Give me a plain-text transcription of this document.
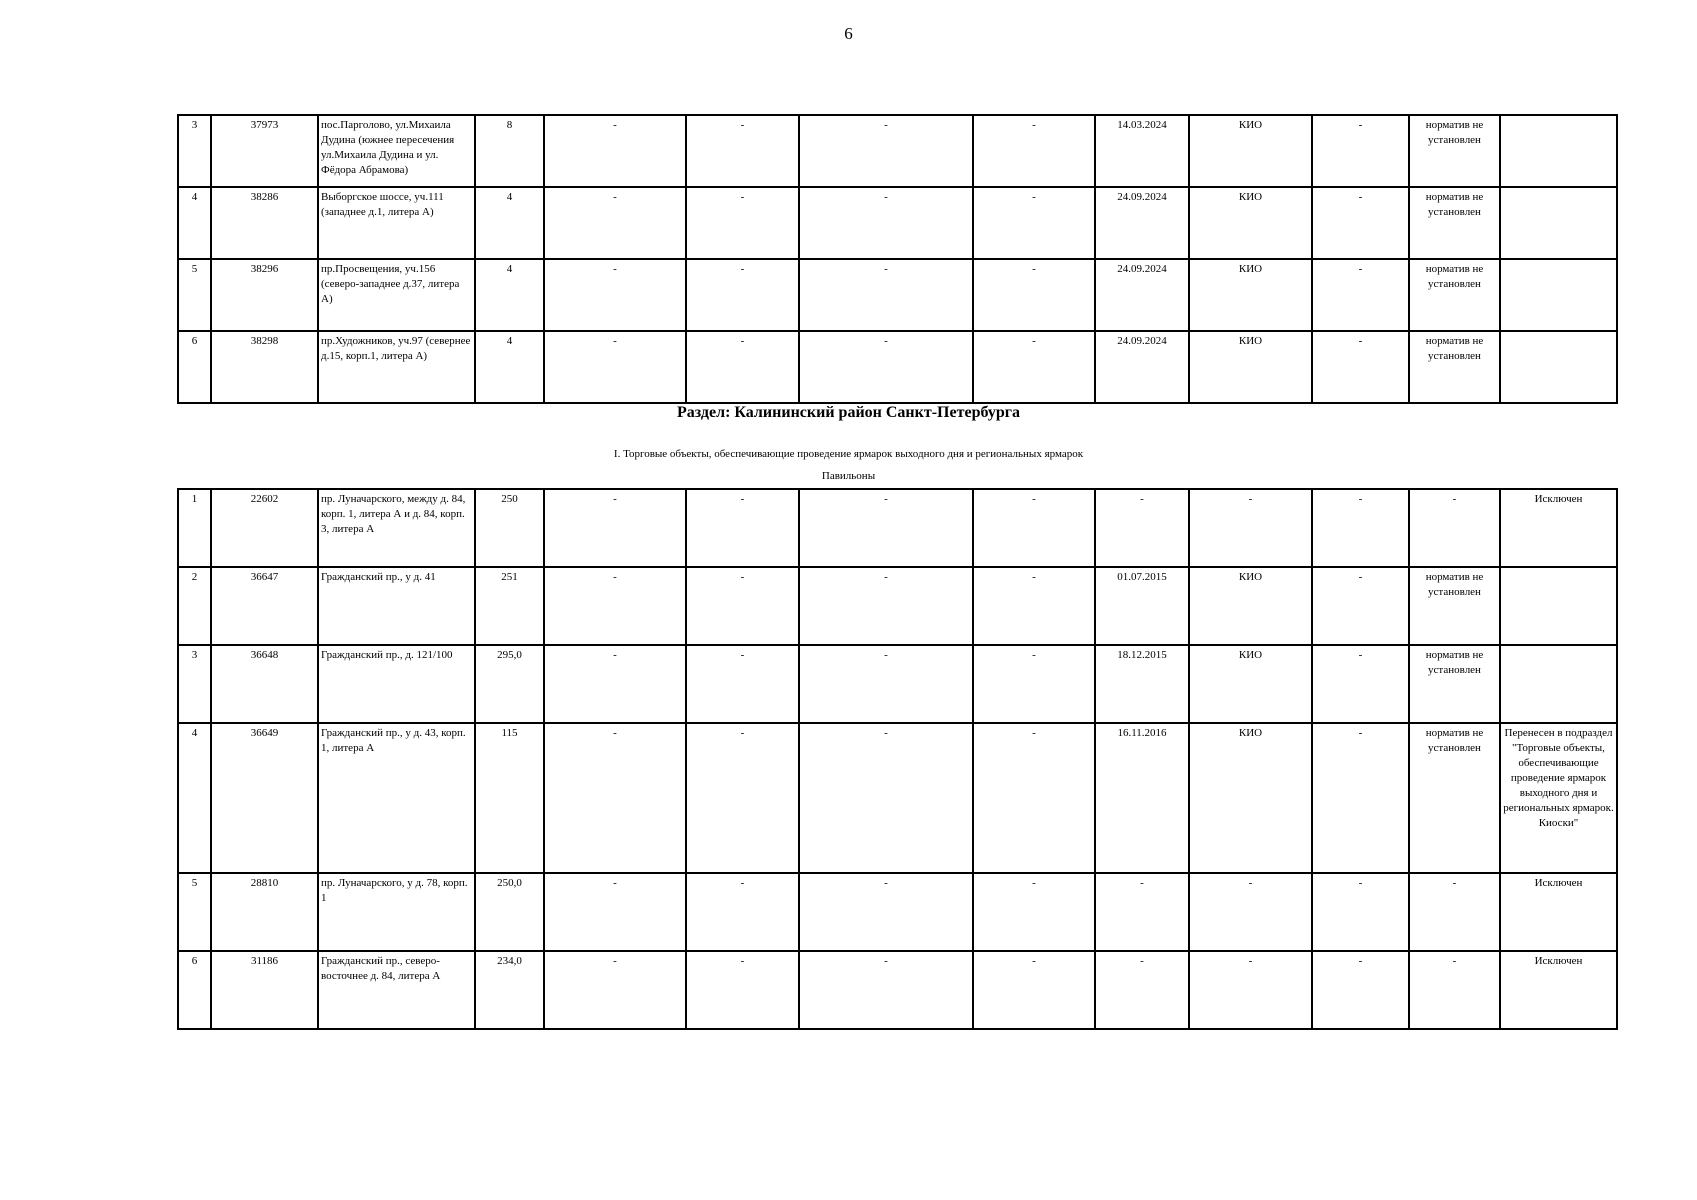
6
3	37973	пос.Парголово, ул.Михаила Дудина (южнее пересечения ул.Михаила Дудина и ул. Фёдора Абрамова)	8	-	-	-	-	14.03.2024	КИО	-	норматив не установлен	
4	38286	Выборгское шоссе, уч.111 (западнее д.1, литера А)	4	-	-	-	-	24.09.2024	КИО	-	норматив не установлен	
5	38296	пр.Просвещения, уч.156 (северо-западнее д.37, литера А)	4	-	-	-	-	24.09.2024	КИО	-	норматив не установлен	
6	38298	пр.Художников, уч.97 (севернее д.15, корп.1, литера А)	4	-	-	-	-	24.09.2024	КИО	-	норматив не установлен	
Раздел: Калининский район Санкт-Петербурга
I. Торговые объекты, обеспечивающие проведение ярмарок выходного дня и региональных ярмарок
Павильоны
1	22602	пр. Луначарского, между д. 84, корп. 1, литера А и д. 84, корп. 3, литера А	250	-	-	-	-	-	-	-	-	Исключен
2	36647	Гражданский пр., у д. 41	251	-	-	-	-	01.07.2015	КИО	-	норматив не установлен	
3	36648	Гражданский пр., д. 121/100	295,0	-	-	-	-	18.12.2015	КИО	-	норматив не установлен	
4	36649	Гражданский пр., у д. 43, корп. 1, литера А	115	-	-	-	-	16.11.2016	КИО	-	норматив не установлен	Перенесен в подраздел "Торговые объекты, обеспечивающие проведение ярмарок выходного дня и региональных ярмарок. Киоски"
5	28810	пр. Луначарского, у д. 78, корп. 1	250,0	-	-	-	-	-	-	-	-	Исключен
6	31186	Гражданский пр., северо-восточнее д. 84, литера А	234,0	-	-	-	-	-	-	-	-	Исключен
